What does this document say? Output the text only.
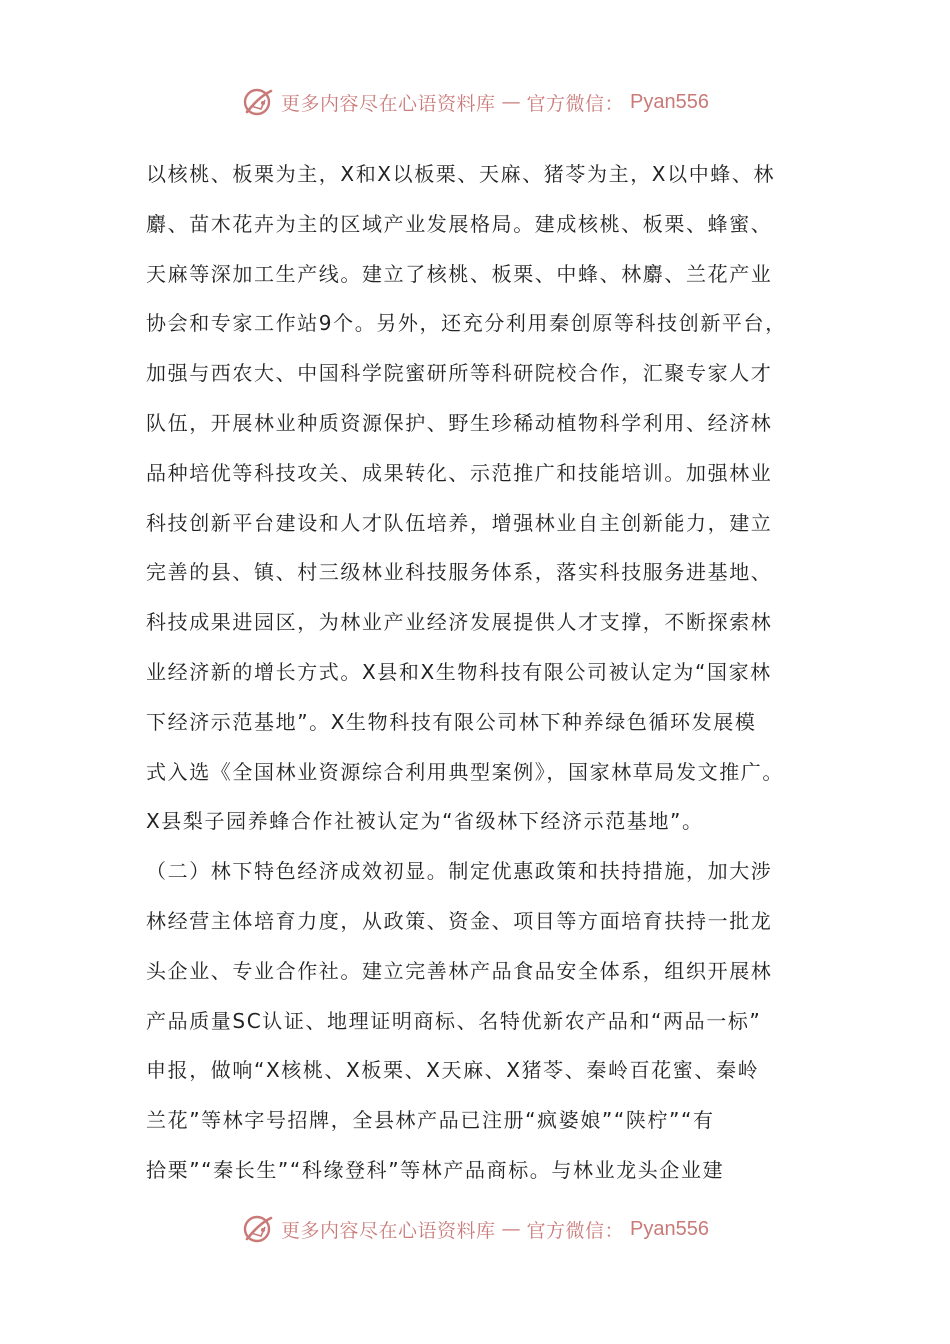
更多内容尽在心语资料库 — 官方微信： Pyan556
以核桃、板栗为主，X和X以板栗、天麻、猪苓为主，X以中蜂、林
麝、苗木花卉为主的区域产业发展格局。建成核桃、板栗、蜂蜜、
天麻等深加工生产线。建立了核桃、板栗、中蜂、林麝、兰花产业
协会和专家工作站9个。另外，还充分利用秦创原等科技创新平台，
加强与西农大、中国科学院蜜研所等科研院校合作，汇聚专家人才
队伍，开展林业种质资源保护、野生珍稀动植物科学利用、经济林
品种培优等科技攻关、成果转化、示范推广和技能培训。加强林业
科技创新平台建设和人才队伍培养，增强林业自主创新能力，建立
完善的县、镇、村三级林业科技服务体系，落实科技服务进基地、
科技成果进园区，为林业产业经济发展提供人才支撑，不断探索林
业经济新的增长方式。X县和X生物科技有限公司被认定为“国家林
下经济示范基地”。X生物科技有限公司林下种养绿色循环发展模
式入选《全国林业资源综合利用典型案例》，国家林草局发文推广。
X县梨子园养蜂合作社被认定为“省级林下经济示范基地”。
（二）林下特色经济成效初显。制定优惠政策和扶持措施，加大涉
林经营主体培育力度，从政策、资金、项目等方面培育扶持一批龙
头企业、专业合作社。建立完善林产品食品安全体系，组织开展林
产品质量SC认证、地理证明商标、名特优新农产品和“两品一标”
申报，做响“X核桃、X板栗、X天麻、X猪苓、秦岭百花蜜、秦岭
兰花”等林字号招牌，全县林产品已注册“疯婆娘”“陕柠”“有
拾栗”“秦长生”“科缘登科”等林产品商标。与林业龙头企业建
更多内容尽在心语资料库 — 官方微信： Pyan556
